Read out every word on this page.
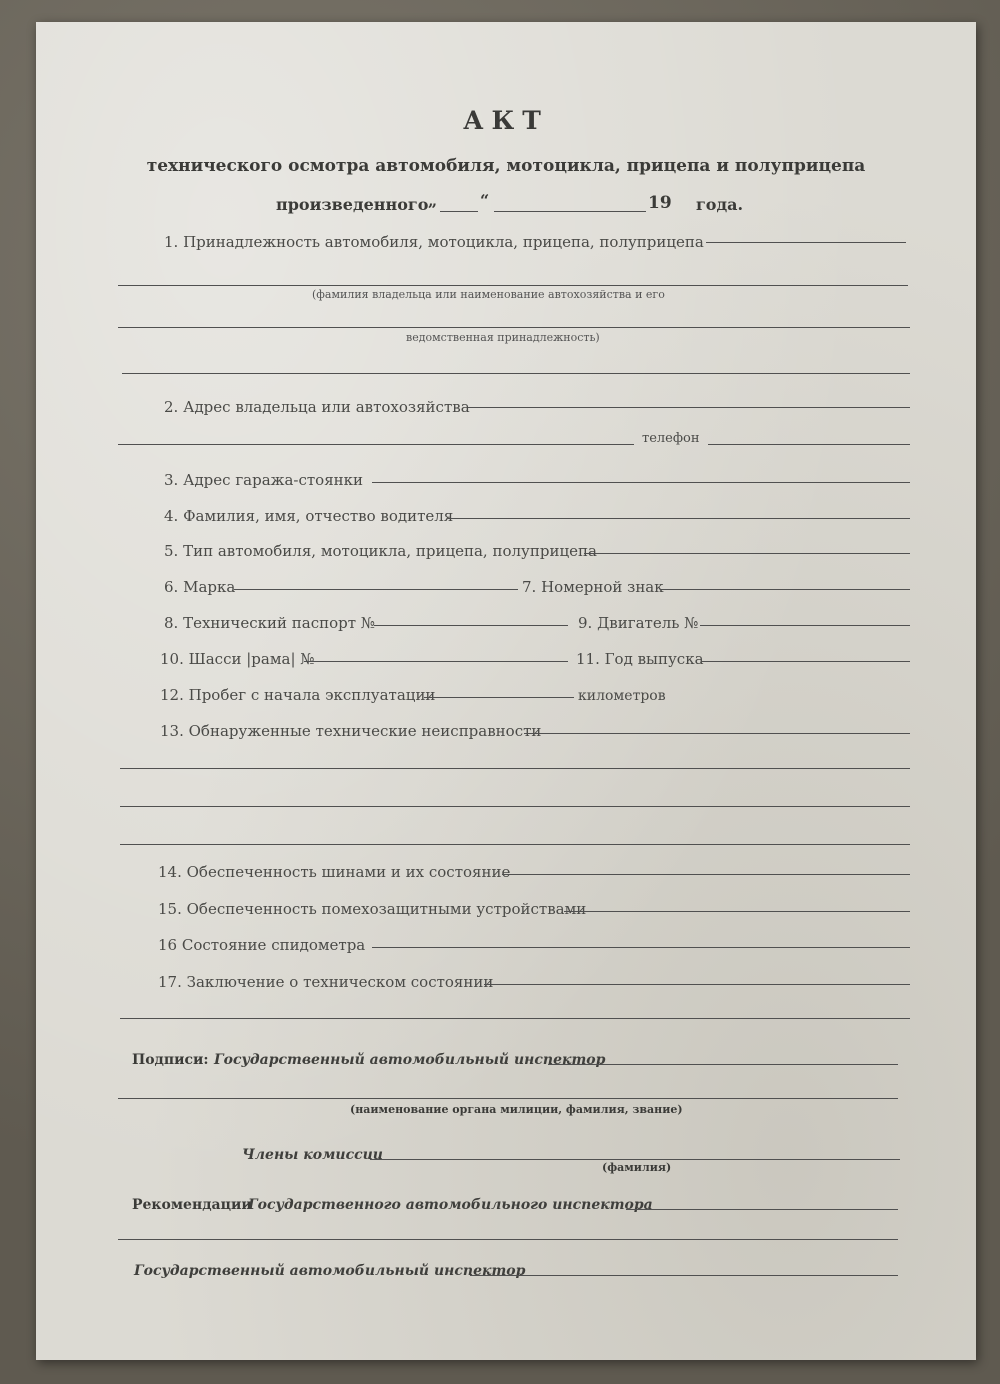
АКТ
технического осмотра автомобиля, мотоцикла, прицепа и полуприцепа
произведенного „	“	19 года.
1. Принадлежность автомобиля, мотоцикла, прицепа, полуприцепа
(фамилия владельца или наименование автохозяйства и его
ведомственная принадлежность)
2. Адрес владельца или автохозяйства
телефон
3. Адрес гаража-стоянки
4. Фамилия, имя, отчество водителя
5. Тип автомобиля, мотоцикла, прицепа, полуприцепа
6. Марка	7. Номерной знак
8. Технический паспорт №	9. Двигатель №
10. Шасси |рама| №	11. Год выпуска
12. Пробег с начала эксплуатации	километров
13. Обнаруженные технические неисправности
14. Обеспеченность шинами и их состояние
15. Обеспеченность помехозащитными устройствами
16 Состояние спидометра
17. Заключение о техническом состоянии
Подписи: Государственный автомобильный инспектор
(наименование органа милиции, фамилия, звание)
Члены комиссии
(фамилия)
Рекомендации
Государственного автомобильного инспектора
Государственный автомобильный инспектор
